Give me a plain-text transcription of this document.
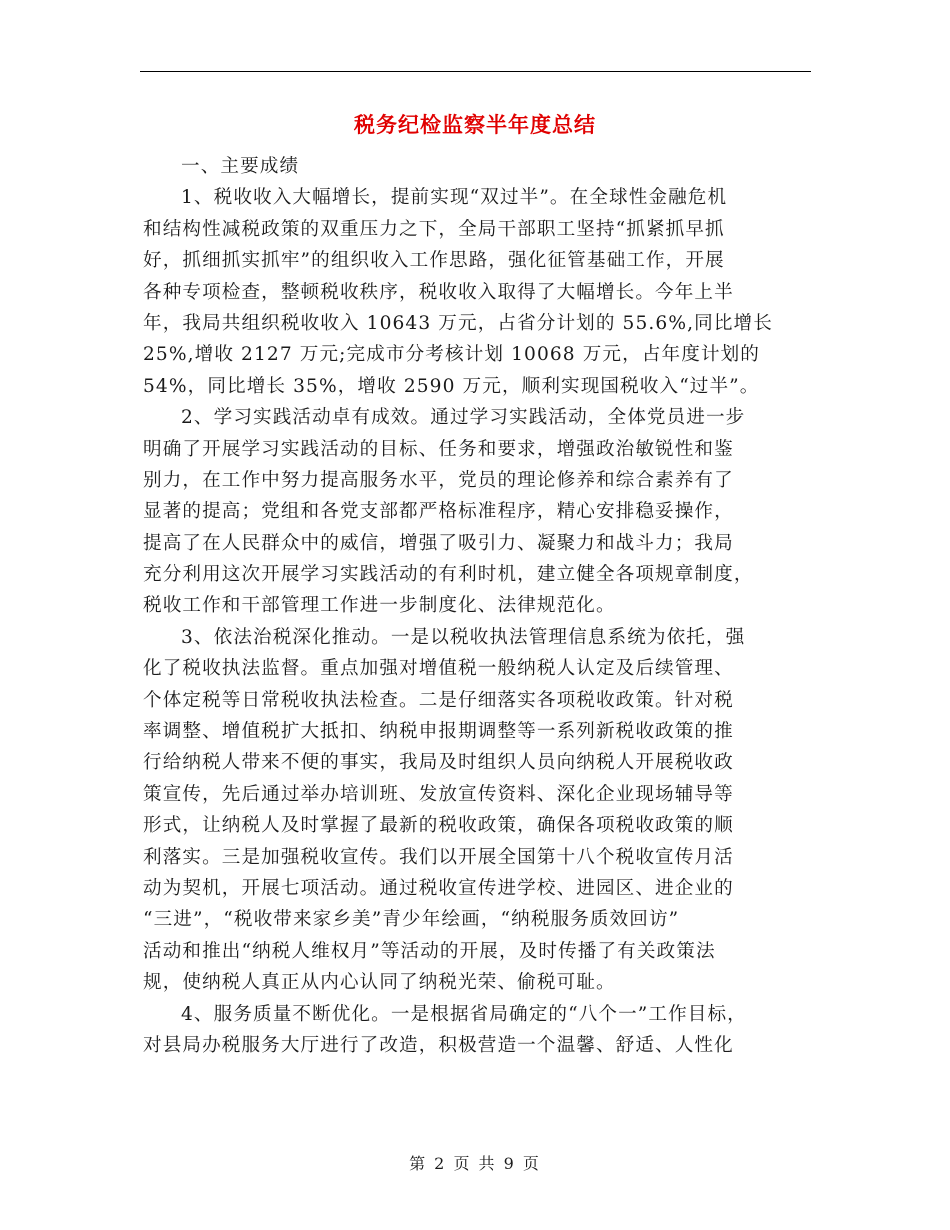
税务纪检监察半年度总结
一、主要成绩
1、税收收入大幅增长，提前实现“双过半”。在全球性金融危机
和结构性减税政策的双重压力之下，全局干部职工坚持“抓紧抓早抓
好，抓细抓实抓牢”的组织收入工作思路，强化征管基础工作，开展
各种专项检查，整顿税收秩序，税收收入取得了大幅增长。今年上半
年，我局共组织税收收入 10643 万元，占省分计划的 55.6%,同比增长
25%,增收 2127 万元;完成市分考核计划 10068 万元，占年度计划的
54%，同比增长 35%，增收 2590 万元，顺利实现国税收入“过半”。
2、学习实践活动卓有成效。通过学习实践活动，全体党员进一步
明确了开展学习实践活动的目标、任务和要求，增强政治敏锐性和鉴
别力，在工作中努力提高服务水平，党员的理论修养和综合素养有了
显著的提高；党组和各党支部都严格标准程序，精心安排稳妥操作，
提高了在人民群众中的威信，增强了吸引力、凝聚力和战斗力；我局
充分利用这次开展学习实践活动的有利时机，建立健全各项规章制度，
税收工作和干部管理工作进一步制度化、法律规范化。
3、依法治税深化推动。一是以税收执法管理信息系统为依托，强
化了税收执法监督。重点加强对增值税一般纳税人认定及后续管理、
个体定税等日常税收执法检查。二是仔细落实各项税收政策。针对税
率调整、增值税扩大抵扣、纳税申报期调整等一系列新税收政策的推
行给纳税人带来不便的事实，我局及时组织人员向纳税人开展税收政
策宣传，先后通过举办培训班、发放宣传资料、深化企业现场辅导等
形式，让纳税人及时掌握了最新的税收政策，确保各项税收政策的顺
利落实。三是加强税收宣传。我们以开展全国第十八个税收宣传月活
动为契机，开展七项活动。通过税收宣传进学校、进园区、进企业的
“三进”，“税收带来家乡美”青少年绘画，“纳税服务质效回访”
活动和推出“纳税人维权月”等活动的开展，及时传播了有关政策法
规，使纳税人真正从内心认同了纳税光荣、偷税可耻。
4、服务质量不断优化。一是根据省局确定的“八个一”工作目标，
对县局办税服务大厅进行了改造，积极营造一个温馨、舒适、人性化
第 2 页 共 9 页
